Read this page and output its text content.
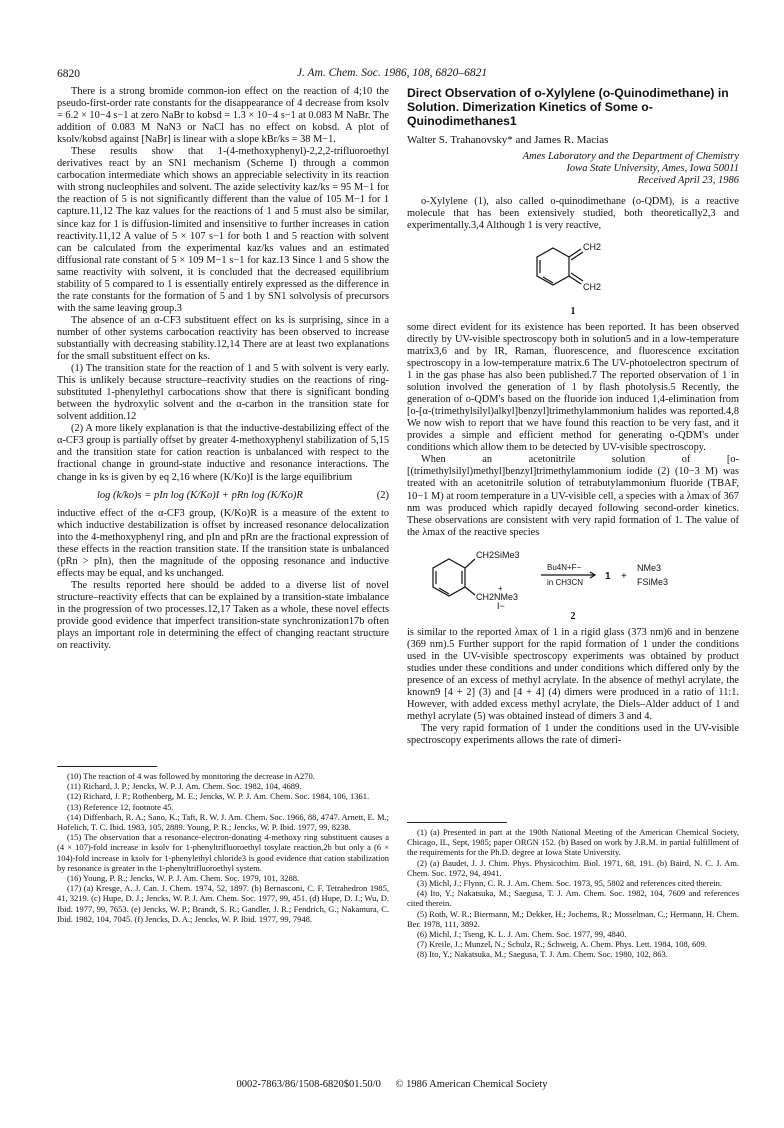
6820	J. Am. Chem. Soc. 1986, 108, 6820–6821

There is a strong bromide common-ion effect on the reaction of 4;10 the pseudo-first-order rate constants for the disappearance of 4 decrease from ksolv = 6.2 × 10−4 s−1 at zero NaBr to kobsd = 1.3 × 10−4 s−1 at 0.083 M NaBr. The addition of 0.083 M NaN3 or NaCl has no effect on kobsd. A plot of ksolv/kobsd against [NaBr] is linear with a slope kBr/ks = 38 M−1.

These results show that 1-(4-methoxyphenyl)-2,2,2-trifluoroethyl derivatives react by an SN1 mechanism (Scheme I) through a common carbocation intermediate which shows an appreciable selectivity in its reaction with strong nucleophiles and solvent. The azide selectivity kaz/ks = 95 M−1 for the reaction of 5 is not significantly different than the value of 105 M−1 for 1 capture.11,12 The kaz values for the reactions of 1 and 5 must also be similar, since kaz for 1 is diffusion-limited and insensitive to further increases in cation reactivity.11,12 A value of 5 × 107 s−1 for both 1 and 5 reaction with solvent can be calculated from the experimental kaz/ks values and an estimated diffusional rate constant of 5 × 109 M−1 s−1 for kaz.13 Since 1 and 5 show the same reactivity with solvent, it is concluded that the decreased equilibrium stability of 5 compared to 1 is essentially entirely expressed as the difference in the rate constants for the formation of 5 and 1 by SN1 solvolysis of precursors with the same leaving group.3

The absence of an α-CF3 substituent effect on ks is surprising, since in a number of other systems carbocation reactivity has been observed to increase substantially with decreasing stability.12,14 There are at least two explanations for the small substituent effect on ks.

(1) The transition state for the reaction of 1 and 5 with solvent is very early. This is unlikely because structure–reactivity studies on the reactions of ring-substituted 1-phenylethyl carbocations show that there is significant bonding between the hydroxylic solvent and the α-carbon in the transition state for solvent addition.12

(2) A more likely explanation is that the inductive-destabilizing effect of the α-CF3 group is partially offset by greater 4-methoxyphenyl stabilization of 5,15 and the transition state for cation reaction is unbalanced with respect to the fractional change in ground-state inductive and resonance interactions. The change in ks is given by eq 2,16 where (K/Ko)I is the large equilibrium

log (k/ko)s = pIn log (K/Ko)I + pRn log (K/Ko)R	(2)

inductive effect of the α-CF3 group, (K/Ko)R is a measure of the extent to which inductive destabilization is offset by increased resonance delocalization into the 4-methoxyphenyl ring, and pIn and pRn are the fractional expression of these effects in the reaction transition state. If the transition state is unbalanced (pRn > pIn), then the magnitude of the opposing resonance and inductive effects may be equal, and ks unchanged.

The results reported here should be added to a diverse list of novel structure–reactivity effects that can be explained by a transition-state imbalance in the progression of two processes.12,17 Taken as a whole, these novel effects provide good evidence that imperfect transition-state synchronization17b often plays an important role in determining the effect of changing reactant structure on reactivity.

(10) The reaction of 4 was followed by monitoring the decrease in A270.

(11) Richard, J. P.; Jencks, W. P. J. Am. Chem. Soc. 1982, 104, 4689.

(12) Richard, J. P.; Rothenberg, M. E.; Jencks, W. P. J. Am. Chem. Soc. 1984, 106, 1361.

(13) Reference 12, footnote 45.

(14) Diffenbach, R. A.; Sano, K.; Taft, R. W. J. Am. Chem. Soc. 1966, 88, 4747. Arnett, E. M.; Hofelich, T. C. Ibid. 1983, 105, 2889. Young, P. R.; Jencks, W. P. Ibid. 1977, 99, 8238.

(15) The observation that a resonance-electron-donating 4-methoxy ring substituent causes a (4 × 107)-fold increase in ksolv for 1-phenyltrifluoroethyl tosylate reaction,2b but only a (6 × 104)-fold increase in ksolv for 1-phenylethyl chloride3 is good evidence that cation stabilization by resonance is greater in the 1-phenyltrifluoroethyl system.

(16) Young, P. R.; Jencks, W. P. J. Am. Chem. Soc. 1979, 101, 3288.

(17) (a) Kresge, A. J. Can. J. Chem. 1974, 52, 1897. (b) Bernasconi, C. F. Tetrahedron 1985, 41, 3219. (c) Hupe, D. J.; Jencks, W. P. J. Am. Chem. Soc. 1977, 99, 451. (d) Hupe, D. J.; Wu, D. Ibid. 1977, 99, 7653. (e) Jencks, W. P.; Brandt, S. R.; Gandler, J. R.; Fendrich, G.; Nakamura, C. Ibid. 1982, 104, 7045. (f) Jencks, D. A.; Jencks, W. P. Ibid. 1977, 99, 7948.

Direct Observation of o-Xylylene (o-Quinodimethane) in Solution. Dimerization Kinetics of Some o-Quinodimethanes1
Walter S. Trahanovsky* and James R. Macias
Ames Laboratory and the Department of Chemistry
Iowa State University, Ames, Iowa 50011
Received April 23, 1986

o-Xylylene (1), also called o-quinodimethane (o-QDM), is a reactive molecule that has been extensively studied, both theoretically2,3 and experimentally.3,4 Although 1 is very reactive,

CH2
CH2
1

some direct evident for its existence has been reported. It has been observed directly by UV-visible spectroscopy both in solution5 and in a low-temperature matrix3,6 and by IR, Raman, fluorescence, and fluorescence excitation spectroscopy in a low-temperature matrix.6 The UV-photoelectron spectrum of 1 in the gas phase has also been published.7 The reported observation of 1 in solution involved the generation of 1 by flash photolysis.5 Recently, the generation of o-QDM's based on the fluoride ion induced 1,4-elimination from [o-[α-(trimethylsilyl)alkyl]benzyl]trimethylammonium halides was reported.4,8 We now wish to report that we have found this reaction to be very fast, and it provides a simple and efficient method for generating o-QDM's under conditions which allow them to be detected by UV-visible spectroscopy.

When an acetonitrile solution of [o-[(trimethylsilyl)methyl]benzyl]trimethylammonium iodide (2) (10−3 M) was treated with an acetonitrile solution of tetrabutylammonium fluoride (TBAF, 10−1 M) at room temperature in a UV-visible cell, a species with a λmax of 367 nm was produced which rapidly decayed following second-order kinetics. These observations are consistent with very rapid formation of 1. The value of the λmax of the reactive species

CH2SiMe3
CH2NMe3
+
I−
Bu4N+F−
in CH3CN
1 +
NMe3
FSiMe3
2

is similar to the reported λmax of 1 in a rigid glass (373 nm)6 and in benzene (369 nm).5 Further support for the rapid formation of 1 under the conditions used in the UV-visible spectroscopy experiments was obtained by product studies under these conditions and under conditions which differed only by the presence of an excess of methyl acrylate. In the absence of methyl acrylate, the known9 [4 + 2] (3) and [4 + 4] (4) dimers were produced in a ratio of 11:1. However, with added excess methyl acrylate, the Diels–Alder adduct of 1 and methyl acrylate (5) was obtained instead of dimers 3 and 4.

The very rapid formation of 1 under the conditions used in the UV-visible spectroscopy experiments allows the rate of dimeri-

(1) (a) Presented in part at the 190th National Meeting of the American Chemical Society, Chicago, IL, Sept, 1985; paper ORGN 152. (b) Based on work by J.R.M. in partial fulfillment of the requirements for the Ph.D. degree at Iowa State University.

(2) (a) Baudet, J. J. Chim. Phys. Physicochim. Biol. 1971, 68, 191. (b) Baird, N. C. J. Am. Chem. Soc. 1972, 94, 4941.

(3) Michl, J.; Flynn, C. R. J. Am. Chem. Soc. 1973, 95, 5802 and references cited therein.

(4) Ito, Y.; Nakatsuka, M.; Saegusa, T. J. Am. Chem. Soc. 1982, 104, 7609 and references cited therein.

(5) Roth, W. R.; Biermann, M.; Dekker, H.; Jochems, R.; Mosselman, C.; Hermann, H. Chem. Ber. 1978, 111, 3892.

(6) Michl, J.; Tseng, K. L. J. Am. Chem. Soc. 1977, 99, 4840.

(7) Kreile, J.; Munzel, N.; Schulz, R.; Schweig, A. Chem. Phys. Lett. 1984, 108, 609.

(8) Ito, Y.; Nakatsuka, M.; Saegusa, T. J. Am. Chem. Soc. 1980, 102, 863.

0002-7863/86/1508-6820$01.50/0 © 1986 American Chemical Society
